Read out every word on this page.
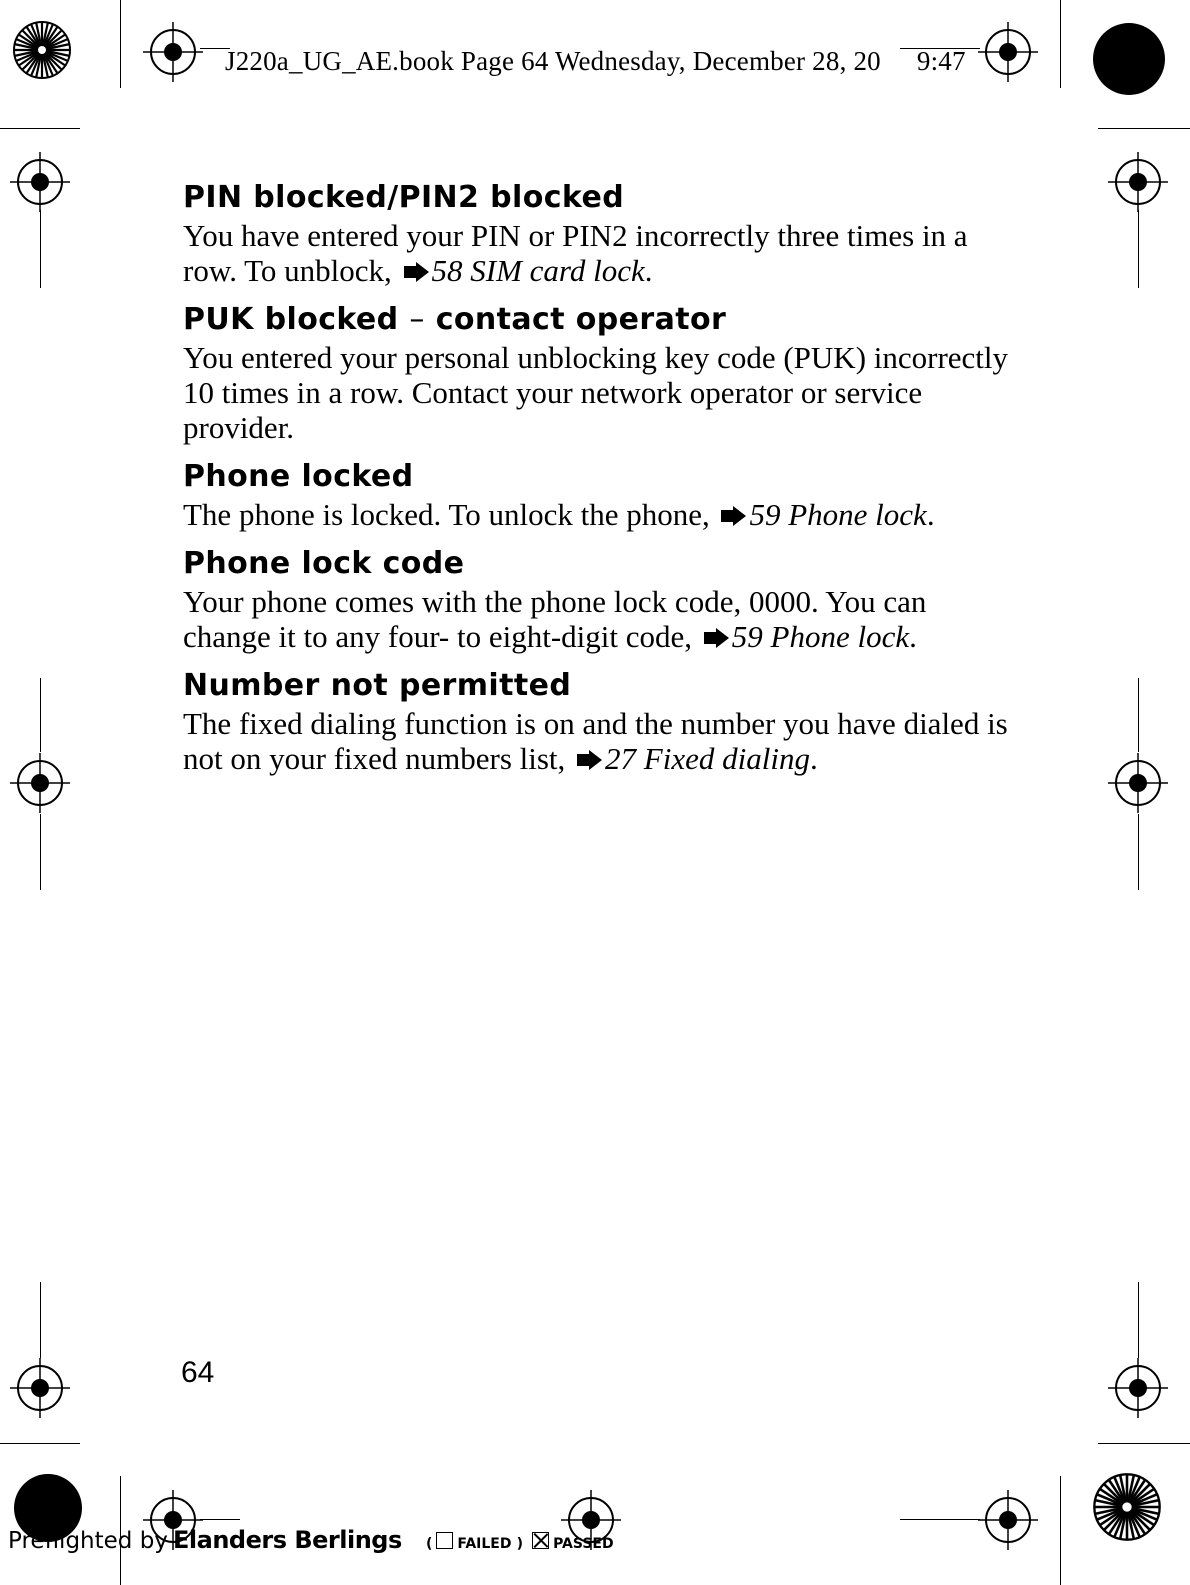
J220a_UG_AE.book Page 64 Wednesday, December 28, 20 9:47
PIN blocked/PIN2 blocked

You have entered your PIN or PIN2 incorrectly three times in a row. To unblock, 58 SIM card lock.

PUK blocked – contact operator

You entered your personal unblocking key code (PUK) incorrectly 10 times in a row. Contact your network operator or service provider.

Phone locked

The phone is locked. To unlock the phone, 59 Phone lock.

Phone lock code

Your phone comes with the phone lock code, 0000. You can change it to any four- to eight-digit code, 59 Phone lock.

Number not permitted

The fixed dialing function is on and the number you have dialed is not on your fixed numbers list, 27 Fixed dialing.

64
Preflighted by Elanders Berlings ( FAILED ) PASSED
